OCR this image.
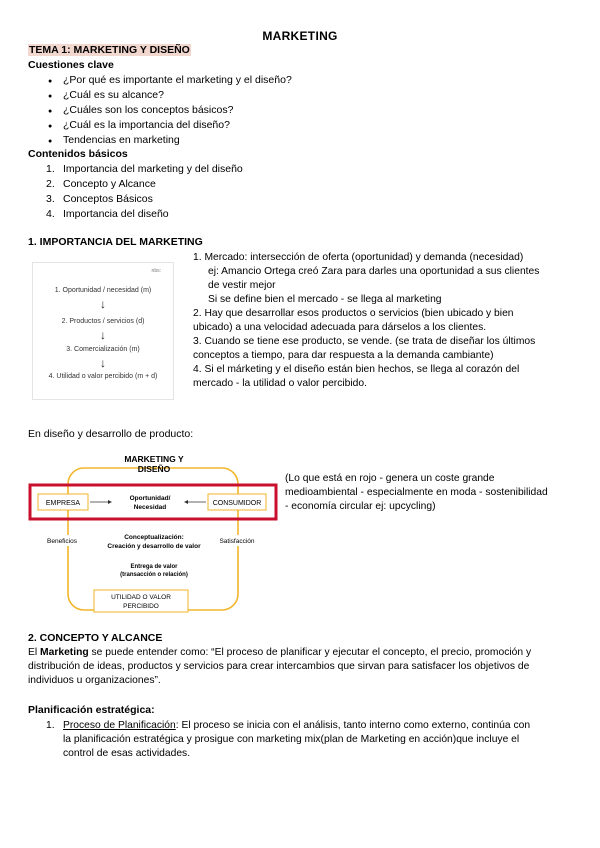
MARKETING
TEMA 1: MARKETING Y DISEÑO
Cuestiones clave
● ¿Por qué es importante el marketing y el diseño?
● ¿Cuál es su alcance?
● ¿Cuáles son los conceptos básicos?
● ¿Cuál es la importancia del diseño?
● Tendencias en marketing
Contenidos básicos
1. Importancia del marketing y del diseño
2. Concepto y Alcance
3. Conceptos Básicos
4. Importancia del diseño
1. IMPORTANCIA DEL MARKETING
nbs:
1. Oportunidad / necesidad (m)
↓
2. Productos / servicios (d)
↓
3. Comercialización (m)
↓
4. Utilidad o valor percibido (m + d)
1. Mercado: intersección de oferta (oportunidad) y demanda (necesidad)
ej: Amancio Ortega creó Zara para darles una oportunidad a sus clientes
de vestir mejor
Si se define bien el mercado - se llega al marketing
2. Hay que desarrollar esos productos o servicios (bien ubicado y bien
ubicado) a una velocidad adecuada para dárselos a los clientes.
3. Cuando se tiene ese producto, se vende. (se trata de diseñar los últimos
conceptos a tiempo, para dar respuesta a la demanda cambiante)
4. Si el márketing y el diseño están bien hechos, se llega al corazón del
mercado - la utilidad o valor percibido.
En diseño y desarrollo de producto:
EMPRESA	CONSUMIDOR
MARKETING Y
DISEÑO
Oportunidad/
Necesidad
Beneficios	Satisfacción
Conceptualización:
Creación y desarrollo de valor
Entrega de valor
(transacción o relación)
UTILIDAD O VALOR
PERCIBIDO
(Lo que está en rojo - genera un coste grande
medioambiental - especialmente en moda - sostenibilidad
- economía circular ej: upcycling)
2. CONCEPTO Y ALCANCE
El Marketing se puede entender como: “El proceso de planificar y ejecutar el concepto, el precio, promoción y
distribución de ideas, productos y servicios para crear intercambios que sirvan para satisfacer los objetivos de
individuos u organizaciones”.
Planificación estratégica:
1. Proceso de Planificación: El proceso se inicia con el análisis, tanto interno como externo, continúa con
la planificación estratégica y prosigue con marketing mix(plan de Marketing en acción)que incluye el
control de esas actividades.
